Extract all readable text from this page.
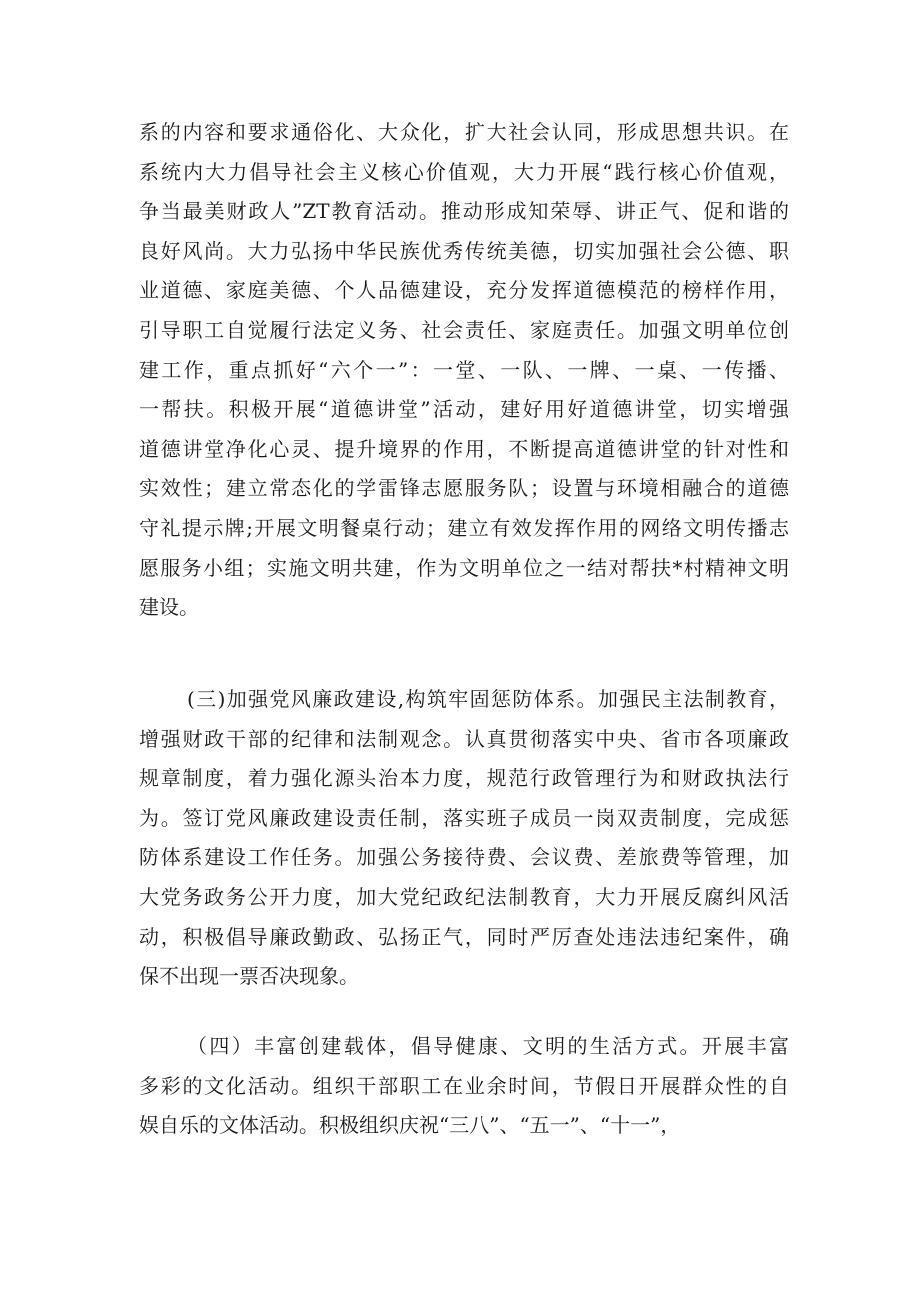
系的内容和要求通俗化、大众化，扩大社会认同，形成思想共识。在
系统内大力倡导社会主义核心价值观，大力开展“践行核心价值观，
争当最美财政人”ZT教育活动。推动形成知荣辱、讲正气、促和谐的
良好风尚。大力弘扬中华民族优秀传统美德，切实加强社会公德、职
业道德、家庭美德、个人品德建设，充分发挥道德模范的榜样作用，
引导职工自觉履行法定义务、社会责任、家庭责任。加强文明单位创
建工作，重点抓好“六个一”：一堂、一队、一牌、一桌、一传播、
一帮扶。积极开展“道德讲堂”活动，建好用好道德讲堂，切实增强
道德讲堂净化心灵、提升境界的作用，不断提高道德讲堂的针对性和
实效性；建立常态化的学雷锋志愿服务队；设置与环境相融合的道德
守礼提示牌;开展文明餐桌行动；建立有效发挥作用的网络文明传播志
愿服务小组；实施文明共建，作为文明单位之一结对帮扶*村精神文明
建设。
(三)加强党风廉政建设,构筑牢固惩防体系。加强民主法制教育，
增强财政干部的纪律和法制观念。认真贯彻落实中央、省市各项廉政
规章制度，着力强化源头治本力度，规范行政管理行为和财政执法行
为。签订党风廉政建设责任制，落实班子成员一岗双责制度，完成惩
防体系建设工作任务。加强公务接待费、会议费、差旅费等管理，加
大党务政务公开力度，加大党纪政纪法制教育，大力开展反腐纠风活
动，积极倡导廉政勤政、弘扬正气，同时严厉查处违法违纪案件，确
保不出现一票否决现象。
（四）丰富创建载体，倡导健康、文明的生活方式。开展丰富
多彩的文化活动。组织干部职工在业余时间，节假日开展群众性的自
娱自乐的文体活动。积极组织庆祝“三八”、“五一”、“十一”，
